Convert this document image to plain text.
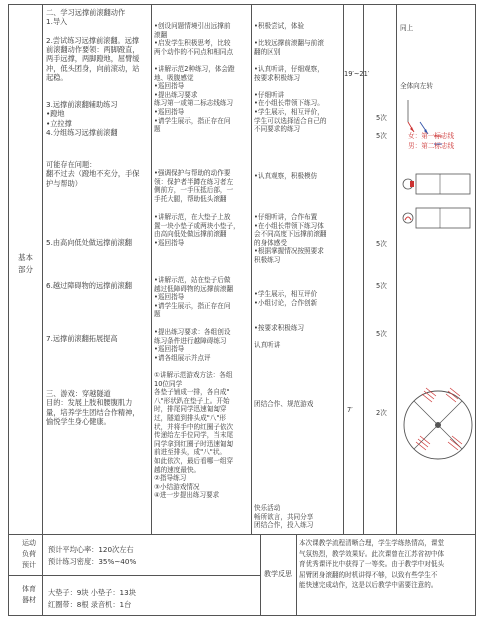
基本
部分
二、学习远撑前滚翻动作
1.导入

2.尝试练习远撑前滚翻。远撑
前滚翻动作要领：两脚蹬直，
两手远撑，两脚蹬地，屈臂缓
冲，低头团身，向前滚动，站
起稳。
3.远撑前滚翻辅助练习
•蹬地
•立拉撑
4.分组练习远撑前滚翻
可能存在问题：
翻不过去（蹬地不充分，手保
护与帮助）
5.由高向低处做远撑前滚翻
6.越过障碍物的远撑前滚翻
7.远撑前滚翻拓展提高
三、游戏：穿越隧道
目的：发展上肢和腰腹肌力
量，培养学生团结合作精神，
愉悦学生身心健康。
•创设问题情境引出远撑前
滚翻
•启发学生积极思考，比较
两个动作的不同点和相同点

•讲解示范2种练习，体会蹬
地、吸腹感觉
•巡回指导
•提出练习要求
练习第一或第二标志线练习
•巡回指导
•请学生展示，指正存在问
题
•强调保护与帮助的动作要
领：保护者半蹲在练习者左
侧前方，一手压抵后部，一
手托大腿，帮助低头滚翻
•讲解示范，在大垫子上放
置一块小垫子或两块小垫子，
由高向低处做远撑前滚翻
•巡回指导
•讲解示范，站在垫子后做
越过低障碍物的远撑前滚翻
•巡回指导
•请学生展示，指正存在问
题
•提出练习要求：各组创设
练习条件进行越障碍练习
•巡回指导
•请各组展示并点评
①讲解示范游戏方法：各组
10位同学
各垫子铺成一排，各自成"
八"形状趴在垫子上。开始
时，排尾同学迅速匍匐穿
过，隧道到排头成"八"形
状，并将手中的红圈子依次
传递给左手位同学，当末尾
同学拿到红圈子时迅速匍匐
前进至排头，成"八"状。
如此依次，最后看哪一组穿
越的速度最快。
②指导练习
③小结游戏情况
④进一步提出练习要求
•积极尝试，体验

•比较远撑前滚翻与前滚
翻的区别

•认真听讲，仔细观察，
按要求积极练习

•仔细听讲
•在小组长带领下练习。
•学生展示，相互评价，
学生可以选择适合自己的
不同要求的练习
•认真观察，积极模仿
•仔细听讲，合作布置
•在小组长带领下练习体
会不同高度下远撑前滚翻
的身体感受
•根据掌握情况按照要求
积极练习
•学生展示，相互评价
•小组讨论，合作创新
•按要求积极练习

认真听讲
团结合作、规范游戏
快乐活动
畅所欲言，共同分享
团结合作，投入练习
19′~21′
7′
5次
5次
5次
5次
5次
2次
同上
全体向左转
女：第一标志线
男：第二标志线
运动
负荷
预计
预计平均心率：120次左右
预计练习密度：35%~40%
体育
器材
大垫子：9块 小垫子：13块
红圈带：8根 录音机：1台
教学反思
本次课教学流程清晰合理，学生学练热情高，课堂
气氛热烈，教学效果好。此次课曾在江苏省初中体
育优秀课评比中获得了一等奖。由于教学中对低头
屈臂团身滚翻的时机讲得不够，以致有些学生不
能快速完成动作，这是以后教学中需要注意的。
